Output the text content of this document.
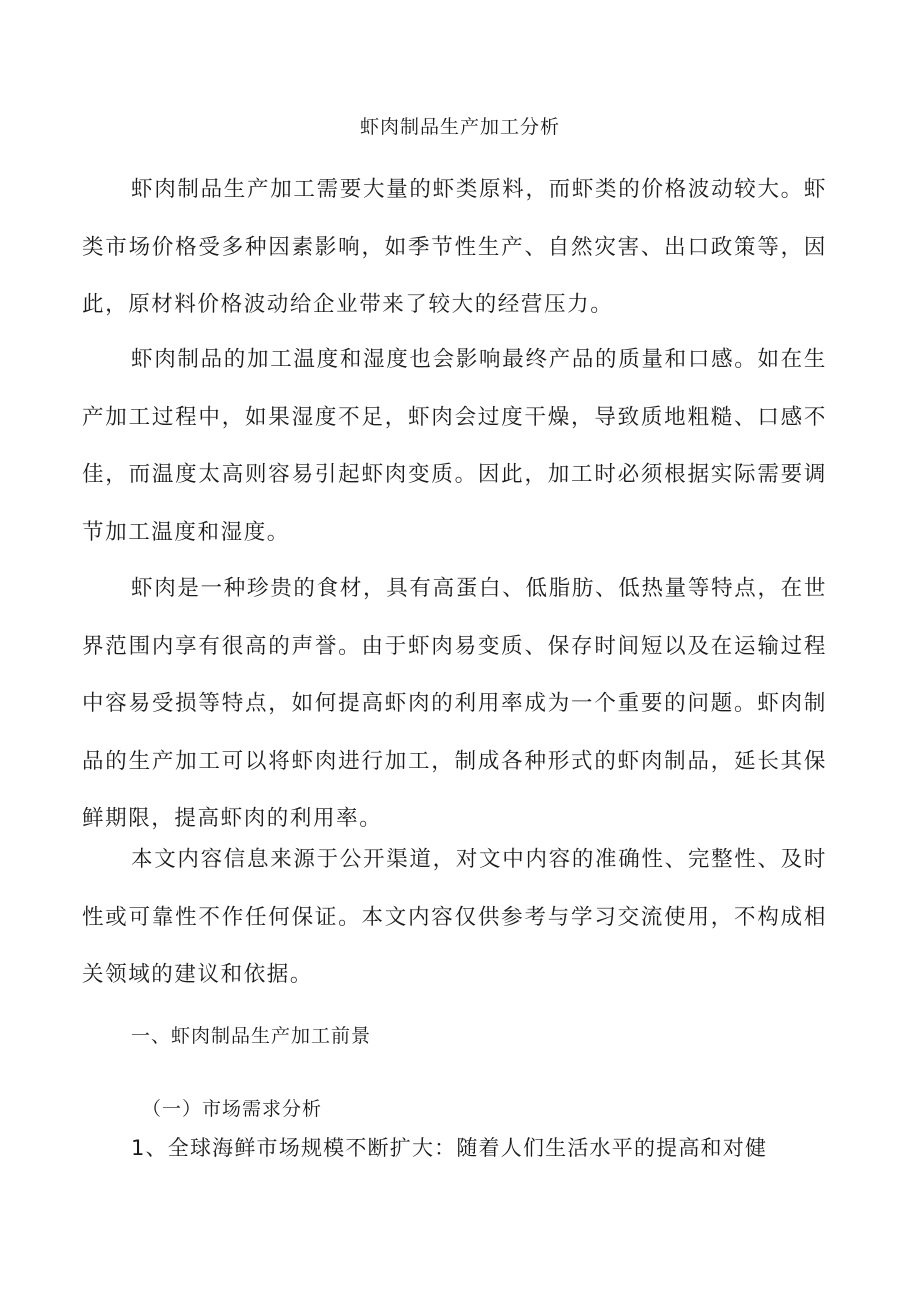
虾肉制品生产加工分析

虾肉制品生产加工需要大量的虾类原料，而虾类的价格波动较大。虾类市场价格受多种因素影响，如季节性生产、自然灾害、出口政策等，因此，原材料价格波动给企业带来了较大的经营压力。

虾肉制品的加工温度和湿度也会影响最终产品的质量和口感。如在生产加工过程中，如果湿度不足，虾肉会过度干燥，导致质地粗糙、口感不佳，而温度太高则容易引起虾肉变质。因此，加工时必须根据实际需要调节加工温度和湿度。

虾肉是一种珍贵的食材，具有高蛋白、低脂肪、低热量等特点，在世界范围内享有很高的声誉。由于虾肉易变质、保存时间短以及在运输过程中容易受损等特点，如何提高虾肉的利用率成为一个重要的问题。虾肉制品的生产加工可以将虾肉进行加工，制成各种形式的虾肉制品，延长其保鲜期限，提高虾肉的利用率。

本文内容信息来源于公开渠道，对文中内容的准确性、完整性、及时性或可靠性不作任何保证。本文内容仅供参考与学习交流使用，不构成相关领域的建议和依据。

一、虾肉制品生产加工前景
（一）市场需求分析
1、全球海鲜市场规模不断扩大：随着人们生活水平的提高和对健
